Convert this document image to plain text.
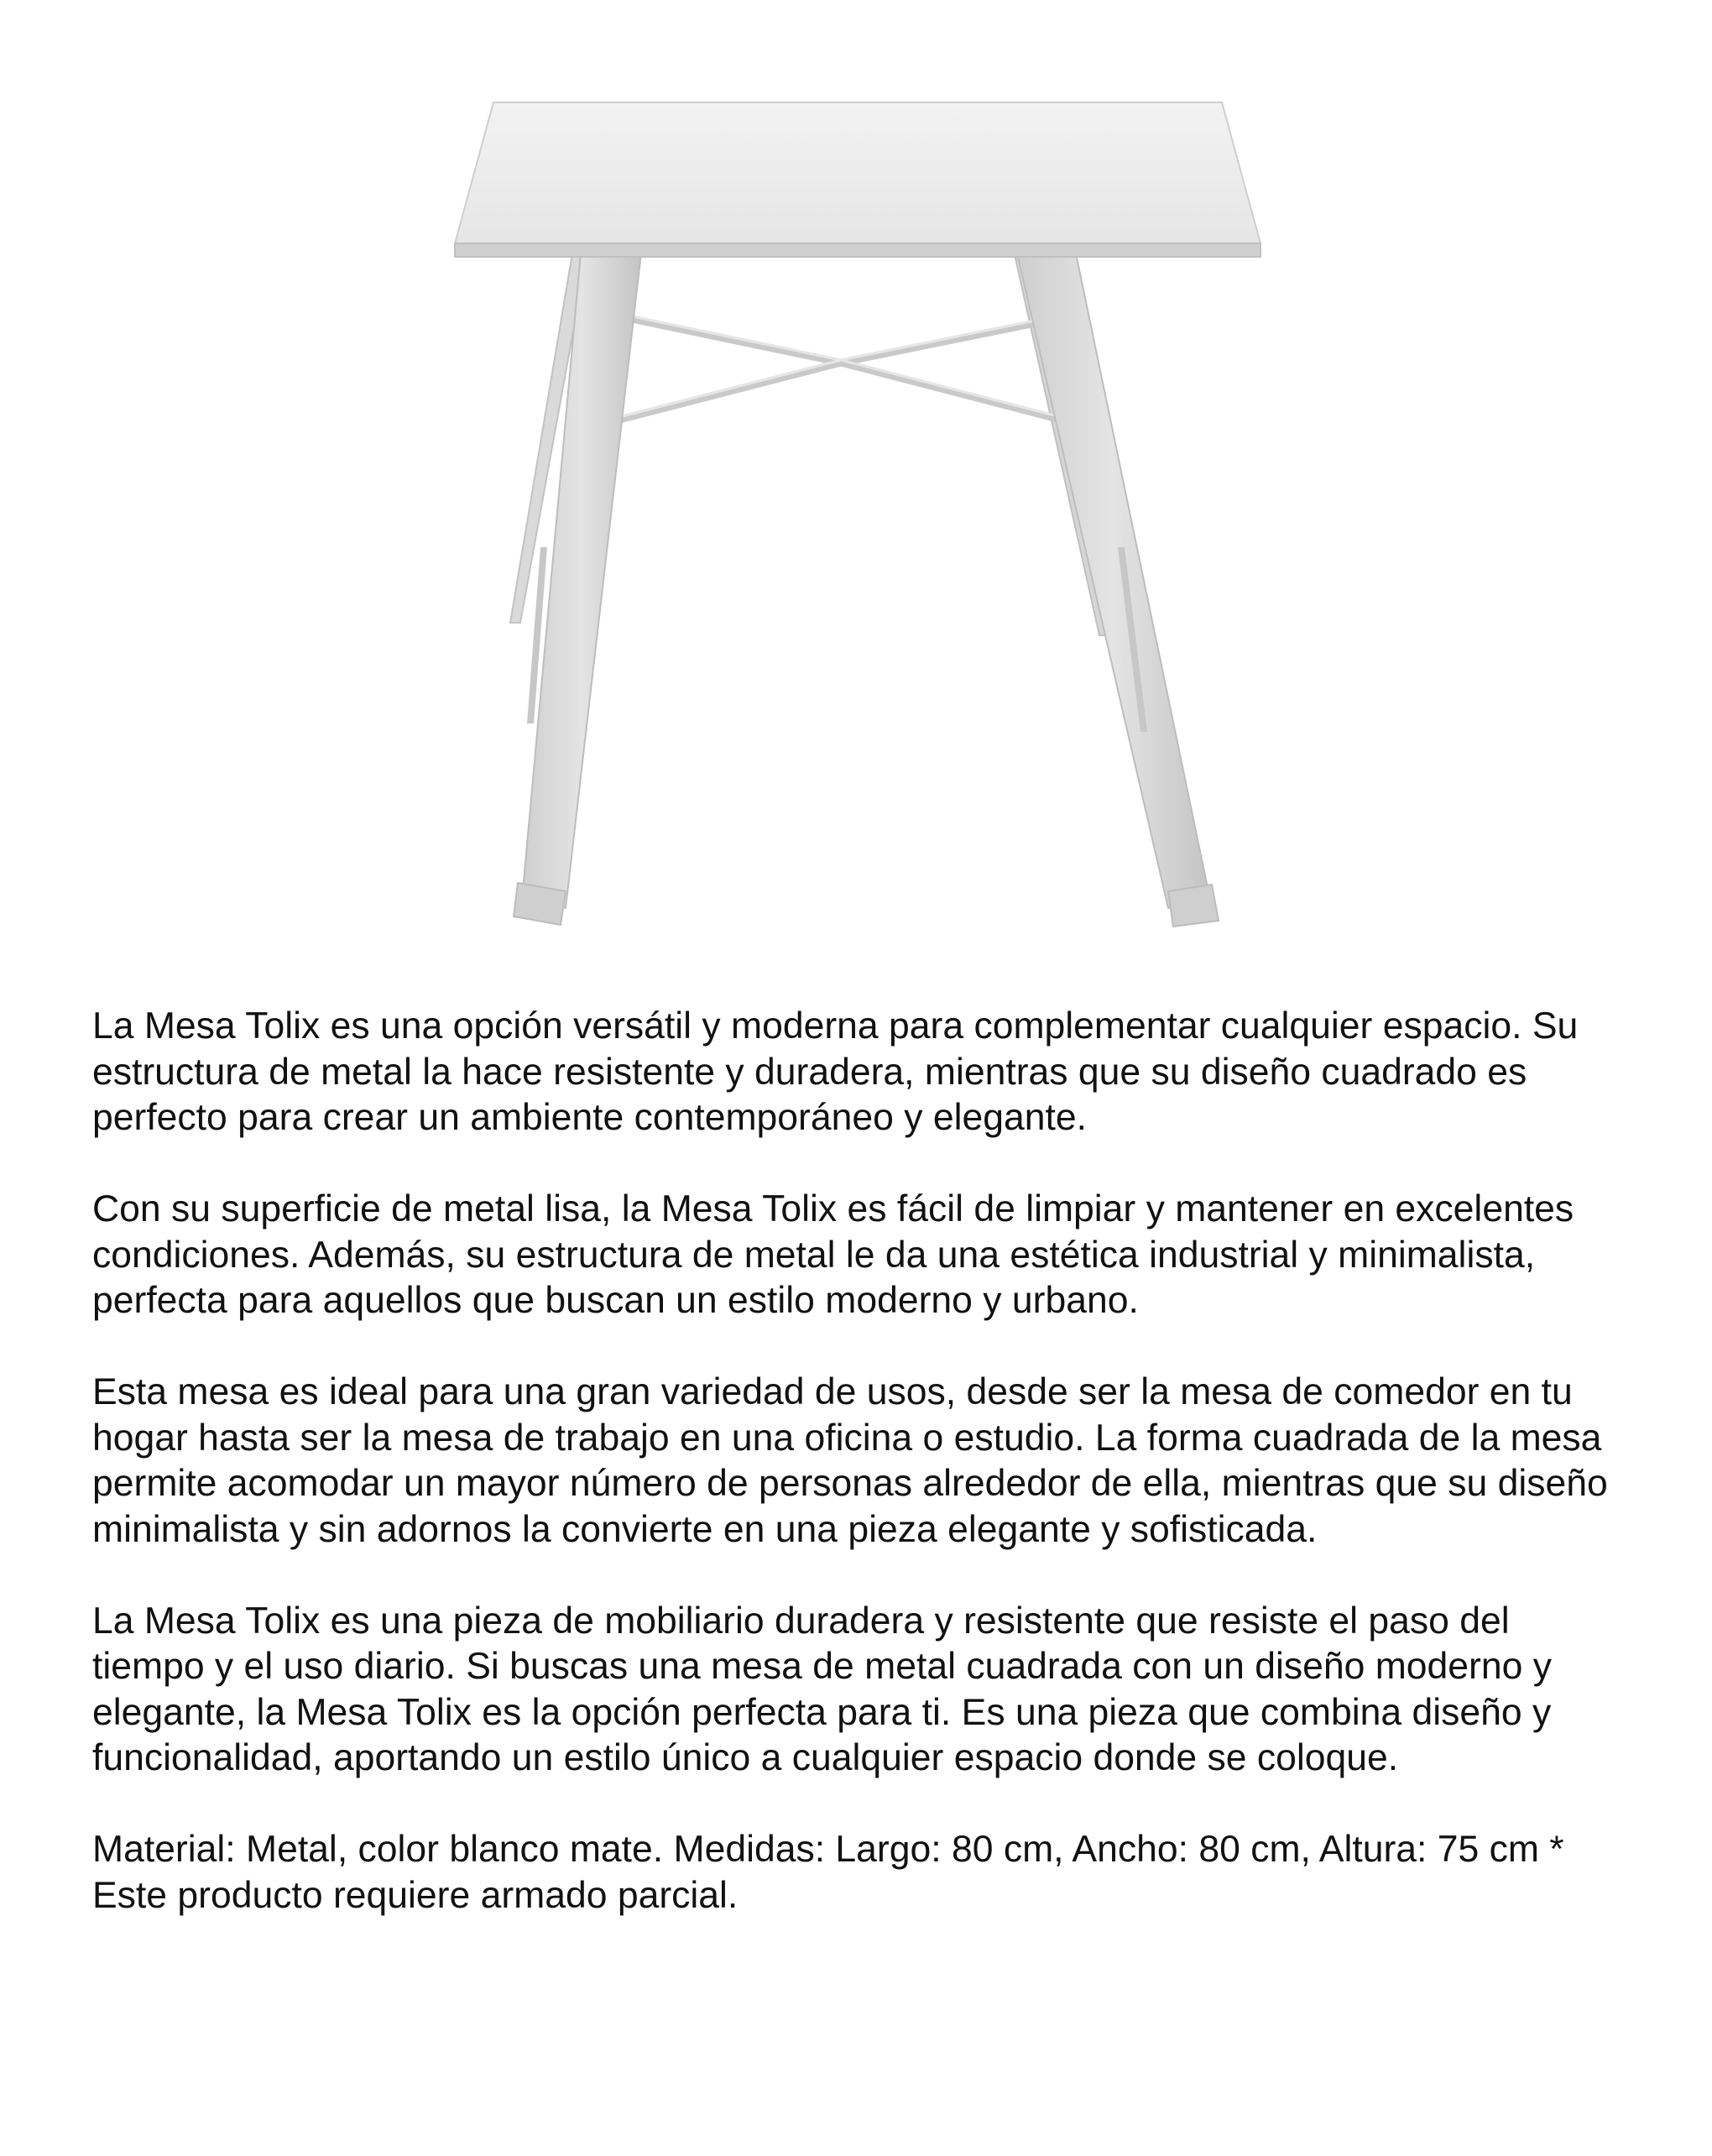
La Mesa Tolix es una opción versátil y moderna para complementar cualquier espacio. Su estructura de metal la hace resistente y duradera, mientras que su diseño cuadrado es perfecto para crear un ambiente contemporáneo y elegante.

Con su superficie de metal lisa, la Mesa Tolix es fácil de limpiar y mantener en excelentes condiciones. Además, su estructura de metal le da una estética industrial y minimalista, perfecta para aquellos que buscan un estilo moderno y urbano.

Esta mesa es ideal para una gran variedad de usos, desde ser la mesa de comedor en tu hogar hasta ser la mesa de trabajo en una oficina o estudio. La forma cuadrada de la mesa permite acomodar un mayor número de personas alrededor de ella, mientras que su diseño minimalista y sin adornos la convierte en una pieza elegante y sofisticada.

La Mesa Tolix es una pieza de mobiliario duradera y resistente que resiste el paso del tiempo y el uso diario. Si buscas una mesa de metal cuadrada con un diseño moderno y elegante, la Mesa Tolix es la opción perfecta para ti. Es una pieza que combina diseño y funcionalidad, aportando un estilo único a cualquier espacio donde se coloque.

Material: Metal, color blanco mate. Medidas: Largo: 80 cm, Ancho: 80 cm, Altura: 75 cm * Este producto requiere armado parcial.
